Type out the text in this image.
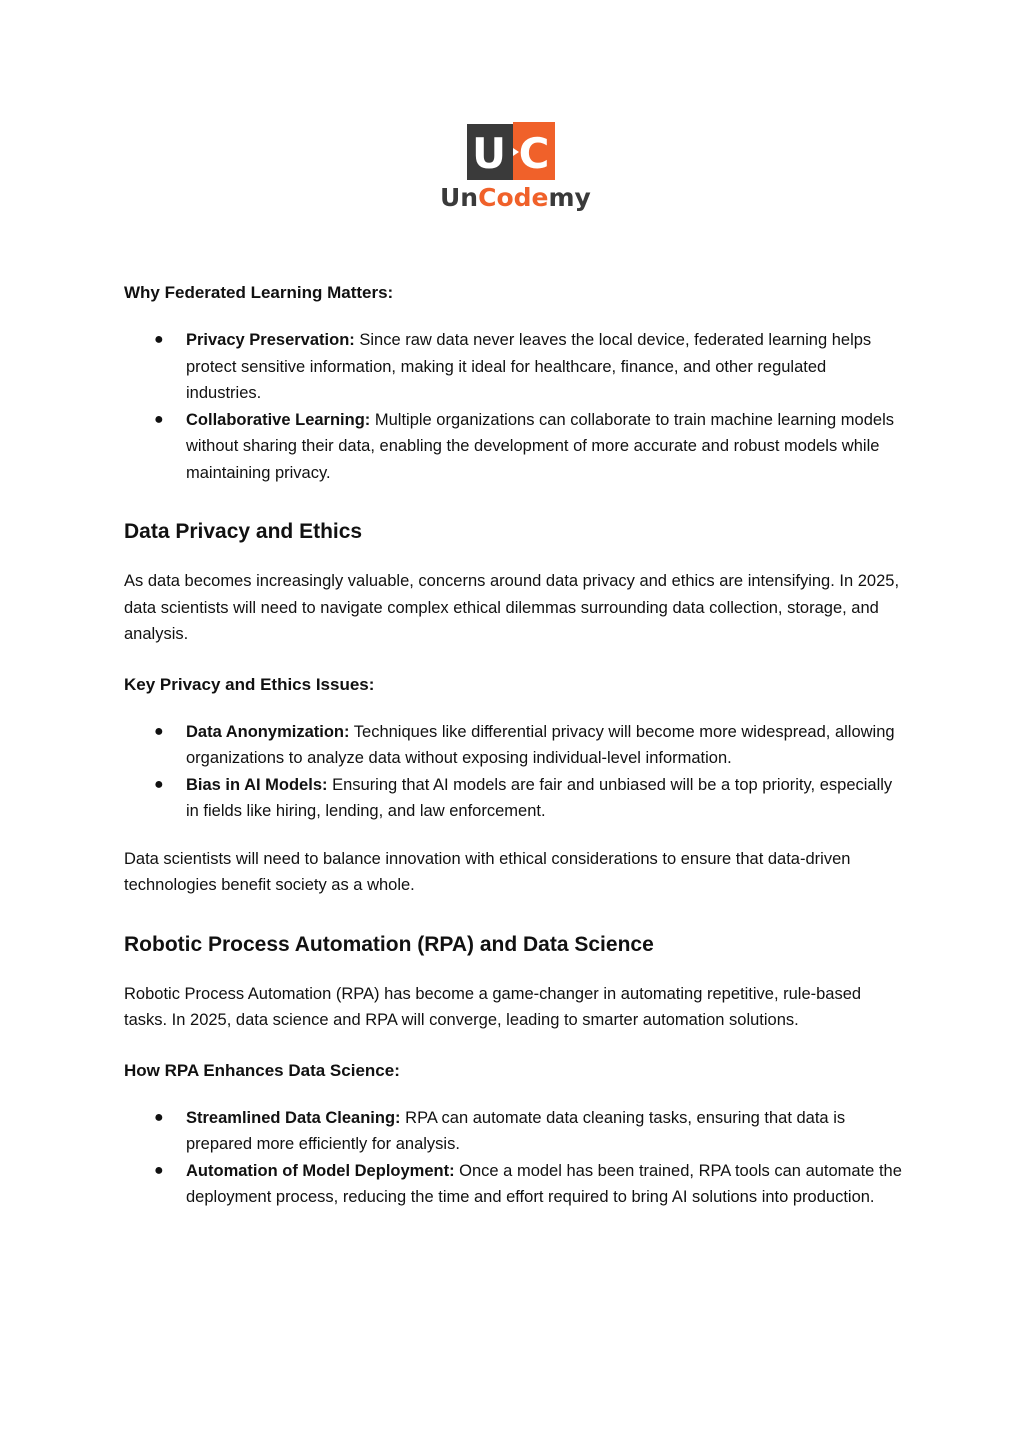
U C
UnCodemy

Why Federated Learning Matters:

● Privacy Preservation: Since raw data never leaves the local device, federated learning helps protect sensitive information, making it ideal for healthcare, finance, and other regulated industries.
● Collaborative Learning: Multiple organizations can collaborate to train machine learning models without sharing their data, enabling the development of more accurate and robust models while maintaining privacy.
Data Privacy and Ethics

As data becomes increasingly valuable, concerns around data privacy and ethics are intensifying. In 2025, data scientists will need to navigate complex ethical dilemmas surrounding data collection, storage, and analysis.

Key Privacy and Ethics Issues:

● Data Anonymization: Techniques like differential privacy will become more widespread, allowing organizations to analyze data without exposing individual-level information.
● Bias in AI Models: Ensuring that AI models are fair and unbiased will be a top priority, especially in fields like hiring, lending, and law enforcement.

Data scientists will need to balance innovation with ethical considerations to ensure that data-driven technologies benefit society as a whole.

Robotic Process Automation (RPA) and Data Science

Robotic Process Automation (RPA) has become a game-changer in automating repetitive, rule-based tasks. In 2025, data science and RPA will converge, leading to smarter automation solutions.

How RPA Enhances Data Science:

● Streamlined Data Cleaning: RPA can automate data cleaning tasks, ensuring that data is prepared more efficiently for analysis.
● Automation of Model Deployment: Once a model has been trained, RPA tools can automate the deployment process, reducing the time and effort required to bring AI solutions into production.
